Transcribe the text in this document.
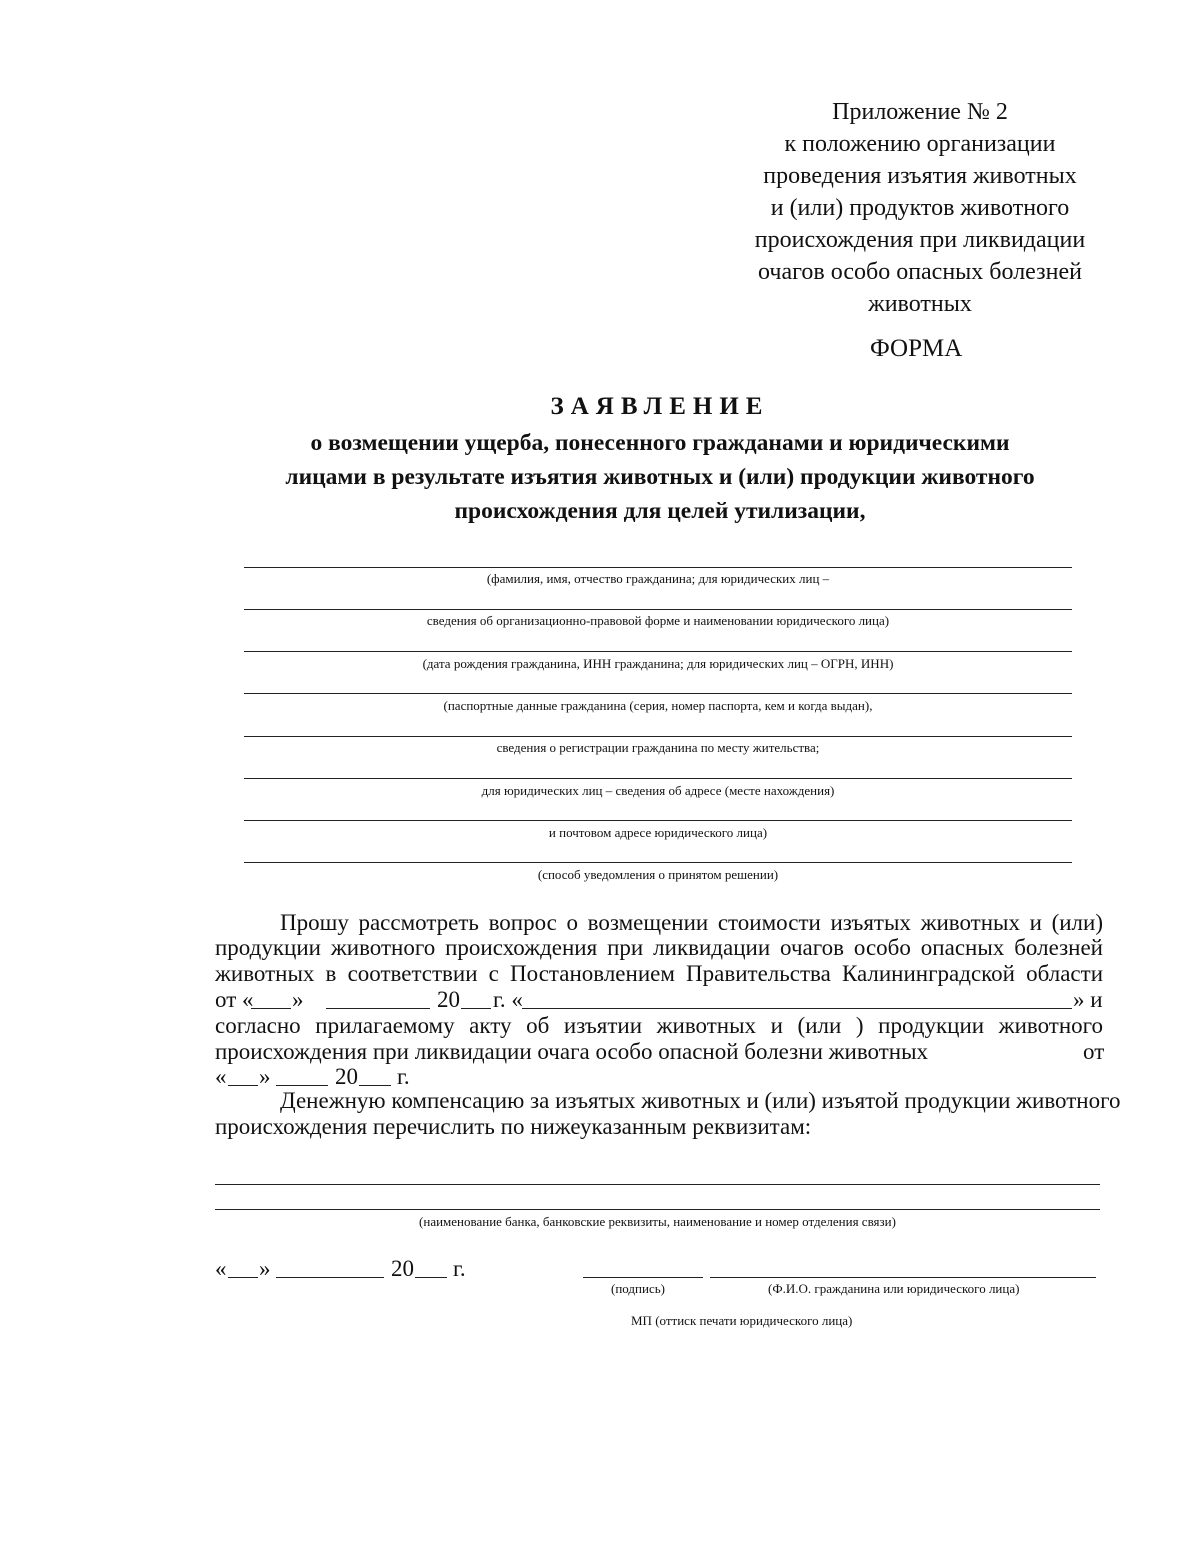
Приложение № 2
к положению организации
проведения изъятия животных
и (или) продуктов животного
происхождения при ликвидации
очагов особо опасных болезней
животных
ФОРМА
ЗАЯВЛЕНИЕ
о возмещении ущерба, понесенного гражданами и юридическими
лицами в результате изъятия животных и (или) продукции животного
происхождения для целей утилизации,
(фамилия, имя, отчество гражданина; для юридических лиц –
сведения об организационно-правовой форме и наименовании юридического лица)
(дата рождения гражданина, ИНН гражданина; для юридических лиц – ОГРН, ИНН)
(паспортные данные гражданина (серия, номер паспорта, кем и когда выдан),
сведения о регистрации гражданина по месту жительства;
для юридических лиц – сведения об адресе (месте нахождения)
и почтовом адресе юридического лица)
(способ уведомления о принятом решении)
Прошу рассмотреть вопрос о возмещении стоимости изъятых животных и (или)
продукции животного происхождения при ликвидации очагов особо опасных болезней
животных в соответствии с Постановлением Правительства Калининградской области
от « »	20 г. «	» и
согласно прилагаемому акту об изъятии животных и (или ) продукции животного
происхождения при ликвидации очага особо опасной болезни животных	от
« »	20 г.
Денежную компенсацию за изъятых животных и (или) изъятой продукции животного
происхождения перечислить по нижеуказанным реквизитам:
(наименование банка, банковские реквизиты, наименование и номер отделения связи)
« »	20 г.
(подпись)	(Ф.И.О. гражданина или юридического лица)
МП (оттиск печати юридического лица)
